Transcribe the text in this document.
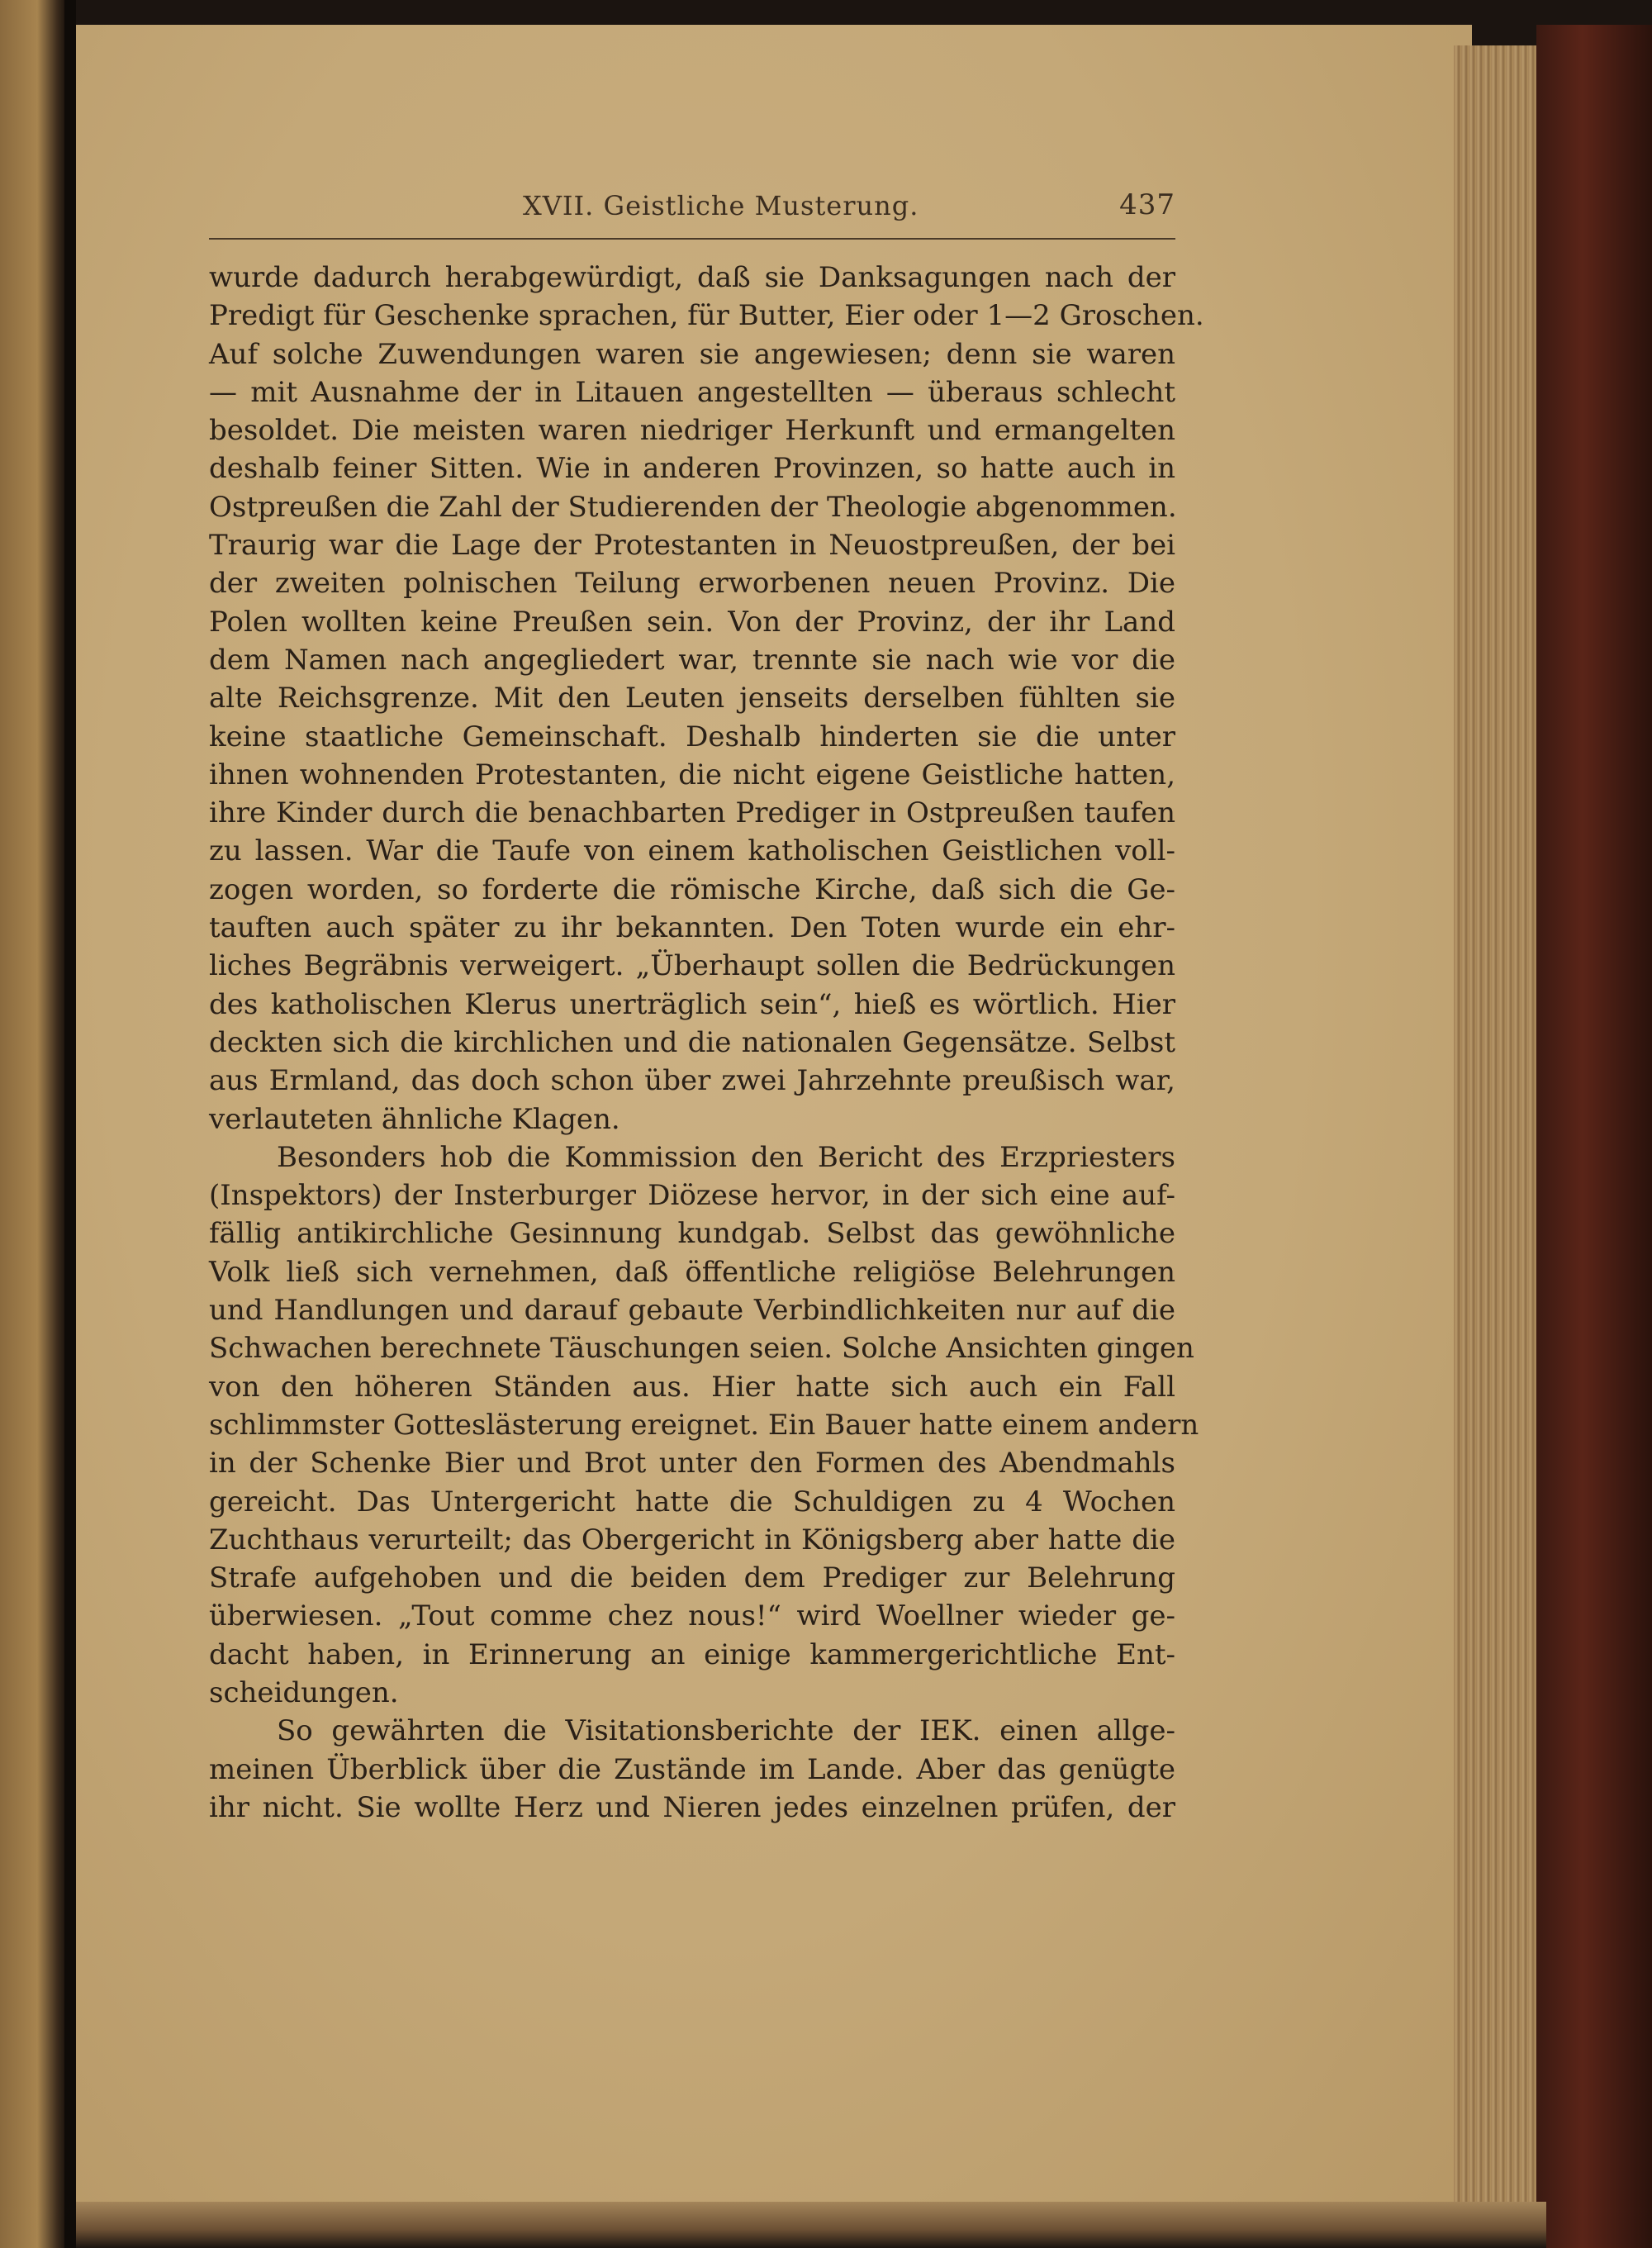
XVII. Geistliche Musterung.	437
wurde dadurch herabgewürdigt, daß sie Danksagungen nach der
Predigt für Geschenke sprachen, für Butter, Eier oder 1—2 Groschen.
Auf solche Zuwendungen waren sie angewiesen; denn sie waren
— mit Ausnahme der in Litauen angestellten — überaus schlecht
besoldet. Die meisten waren niedriger Herkunft und ermangelten
deshalb feiner Sitten. Wie in anderen Provinzen, so hatte auch in
Ostpreußen die Zahl der Studierenden der Theologie abgenommen.
Traurig war die Lage der Protestanten in Neuostpreußen, der bei
der zweiten polnischen Teilung erworbenen neuen Provinz. Die
Polen wollten keine Preußen sein. Von der Provinz, der ihr Land
dem Namen nach angegliedert war, trennte sie nach wie vor die
alte Reichsgrenze. Mit den Leuten jenseits derselben fühlten sie
keine staatliche Gemeinschaft. Deshalb hinderten sie die unter
ihnen wohnenden Protestanten, die nicht eigene Geistliche hatten,
ihre Kinder durch die benachbarten Prediger in Ostpreußen taufen
zu lassen. War die Taufe von einem katholischen Geistlichen voll-
zogen worden, so forderte die römische Kirche, daß sich die Ge-
tauften auch später zu ihr bekannten. Den Toten wurde ein ehr-
liches Begräbnis verweigert. „Überhaupt sollen die Bedrückungen
des katholischen Klerus unerträglich sein“, hieß es wörtlich. Hier
deckten sich die kirchlichen und die nationalen Gegensätze. Selbst
aus Ermland, das doch schon über zwei Jahrzehnte preußisch war,
verlauteten ähnliche Klagen.
Besonders hob die Kommission den Bericht des Erzpriesters
(Inspektors) der Insterburger Diözese hervor, in der sich eine auf-
fällig antikirchliche Gesinnung kundgab. Selbst das gewöhnliche
Volk ließ sich vernehmen, daß öffentliche religiöse Belehrungen
und Handlungen und darauf gebaute Verbindlichkeiten nur auf die
Schwachen berechnete Täuschungen seien. Solche Ansichten gingen
von den höheren Ständen aus. Hier hatte sich auch ein Fall
schlimmster Gotteslästerung ereignet. Ein Bauer hatte einem andern
in der Schenke Bier und Brot unter den Formen des Abendmahls
gereicht. Das Untergericht hatte die Schuldigen zu 4 Wochen
Zuchthaus verurteilt; das Obergericht in Königsberg aber hatte die
Strafe aufgehoben und die beiden dem Prediger zur Belehrung
überwiesen. „Tout comme chez nous!“ wird Woellner wieder ge-
dacht haben, in Erinnerung an einige kammergerichtliche Ent-
scheidungen.
So gewährten die Visitationsberichte der IEK. einen allge-
meinen Überblick über die Zustände im Lande. Aber das genügte
ihr nicht. Sie wollte Herz und Nieren jedes einzelnen prüfen, der
